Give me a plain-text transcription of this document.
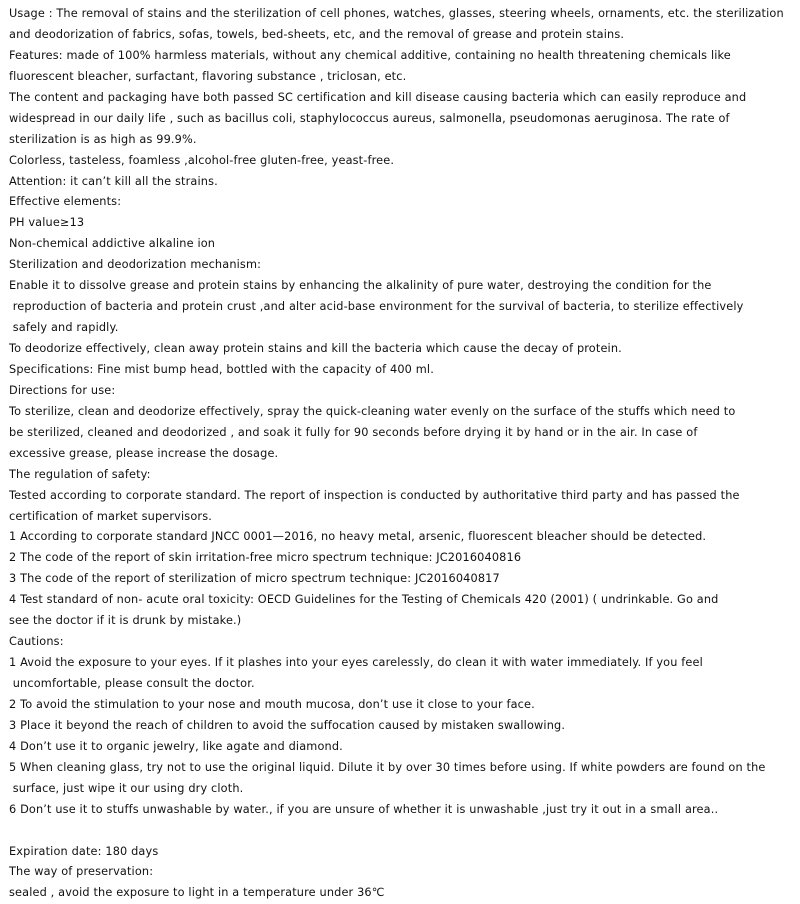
Usage : The removal of stains and the sterilization of cell phones, watches, glasses, steering wheels, ornaments, etc. the sterilization
and deodorization of fabrics, sofas, towels, bed-sheets, etc, and the removal of grease and protein stains.
Features: made of 100% harmless materials, without any chemical additive, containing no health threatening chemicals like
fluorescent bleacher, surfactant, flavoring substance , triclosan, etc.
The content and packaging have both passed SC certification and kill disease causing bacteria which can easily reproduce and
widespread in our daily life , such as bacillus coli, staphylococcus aureus, salmonella, pseudomonas aeruginosa. The rate of
sterilization is as high as 99.9%.
Colorless, tasteless, foamless ,alcohol-free gluten-free, yeast-free.
Attention: it can’t kill all the strains.
Effective elements:
PH value≥13
Non-chemical addictive alkaline ion
Sterilization and deodorization mechanism:
Enable it to dissolve grease and protein stains by enhancing the alkalinity of pure water, destroying the condition for the
reproduction of bacteria and protein crust ,and alter acid-base environment for the survival of bacteria, to sterilize effectively
safely and rapidly.
To deodorize effectively, clean away protein stains and kill the bacteria which cause the decay of protein.
Specifications: Fine mist bump head, bottled with the capacity of 400 ml.
Directions for use:
To sterilize, clean and deodorize effectively, spray the quick-cleaning water evenly on the surface of the stuffs which need to
be sterilized, cleaned and deodorized , and soak it fully for 90 seconds before drying it by hand or in the air. In case of
excessive grease, please increase the dosage.
The regulation of safety:
Tested according to corporate standard. The report of inspection is conducted by authoritative third party and has passed the
certification of market supervisors.
1 According to corporate standard JNCC 0001—2016, no heavy metal, arsenic, fluorescent bleacher should be detected.
2 The code of the report of skin irritation-free micro spectrum technique: JC2016040816
3 The code of the report of sterilization of micro spectrum technique: JC2016040817
4 Test standard of non- acute oral toxicity: OECD Guidelines for the Testing of Chemicals 420 (2001) ( undrinkable. Go and
see the doctor if it is drunk by mistake.)
Cautions:
1 Avoid the exposure to your eyes. If it plashes into your eyes carelessly, do clean it with water immediately. If you feel
uncomfortable, please consult the doctor.
2 To avoid the stimulation to your nose and mouth mucosa, don’t use it close to your face.
3 Place it beyond the reach of children to avoid the suffocation caused by mistaken swallowing.
4 Don’t use it to organic jewelry, like agate and diamond.
5 When cleaning glass, try not to use the original liquid. Dilute it by over 30 times before using. If white powders are found on the
surface, just wipe it our using dry cloth.
6 Don’t use it to stuffs unwashable by water., if you are unsure of whether it is unwashable ,just try it out in a small area..
Expiration date: 180 days
The way of preservation:
sealed , avoid the exposure to light in a temperature under 36℃
